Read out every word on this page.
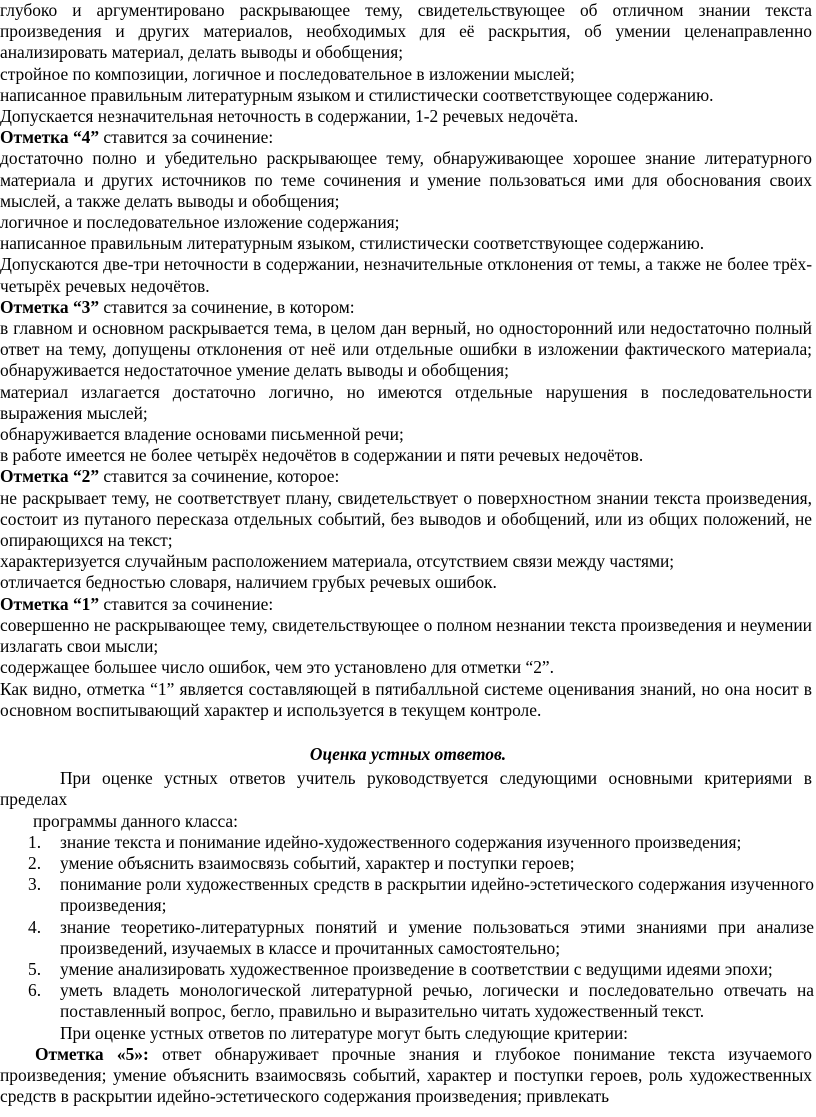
глубоко и аргументировано раскрывающее тему, свидетельствующее об отличном знании текста произведения и других материалов, необходимых для её раскрытия, об умении целенаправленно анализировать материал, делать выводы и обобщения;

стройное по композиции, логичное и последовательное в изложении мыслей;

написанное правильным литературным языком и стилистически соответствующее содержанию.

Допускается незначительная неточность в содержании, 1-2 речевых недочёта.

Отметка “4” ставится за сочинение:

достаточно полно и убедительно раскрывающее тему, обнаруживающее хорошее знание литературного материала и других источников по теме сочинения и умение пользоваться ими для обоснования своих мыслей, а также делать выводы и обобщения;

логичное и последовательное изложение содержания;

написанное правильным литературным языком, стилистически соответствующее содержанию.

Допускаются две-три неточности в содержании, незначительные отклонения от темы, а также не более трёх-четырёх речевых недочётов.

Отметка “3” ставится за сочинение, в котором:

в главном и основном раскрывается тема, в целом дан верный, но односторонний или недостаточно полный ответ на тему, допущены отклонения от неё или отдельные ошибки в изложении фактического материала; обнаруживается недостаточное умение делать выводы и обобщения;

материал излагается достаточно логично, но имеются отдельные нарушения в последовательности выражения мыслей;

обнаруживается владение основами письменной речи;

в работе имеется не более четырёх недочётов в содержании и пяти речевых недочётов.

Отметка “2” ставится за сочинение, которое:

не раскрывает тему, не соответствует плану, свидетельствует о поверхностном знании текста произведения, состоит из путаного пересказа отдельных событий, без выводов и обобщений, или из общих положений, не опирающихся на текст;

характеризуется случайным расположением материала, отсутствием связи между частями;

отличается бедностью словаря, наличием грубых речевых ошибок.

Отметка “1” ставится за сочинение:

совершенно не раскрывающее тему, свидетельствующее о полном незнании текста произведения и неумении излагать свои мысли;

содержащее большее число ошибок, чем это установлено для отметки “2”.

Как видно, отметка “1” является составляющей в пятибалльной системе оценивания знаний, но она носит в основном воспитывающий характер и используется в текущем контроле.

Оценка устных ответов.

При оценке устных ответов учитель руководствуется следующими основными критериями в пределах

программы данного класса:

1. знание текста и понимание идейно-художественного содержания изученного произведения;
2. умение объяснить взаимосвязь событий, характер и поступки героев;
3. понимание роли художественных средств в раскрытии идейно-эстетического содержания изученного произведения;
4. знание теоретико-литературных понятий и умение пользоваться этими знаниями при анализе произведений, изучаемых в классе и прочитанных самостоятельно;
5. умение анализировать художественное произведение в соответствии с ведущими идеями эпохи;
6. уметь владеть монологической литературной речью, логически и последовательно отвечать на поставленный вопрос, бегло, правильно и выразительно читать художественный текст.

При оценке устных ответов по литературе могут быть следующие критерии:

Отметка «5»: ответ обнаруживает прочные знания и глубокое понимание текста изучаемого произведения; умение объяснить взаимосвязь событий, характер и поступки героев, роль художественных средств в раскрытии идейно-эстетического содержания произведения; привлекать
